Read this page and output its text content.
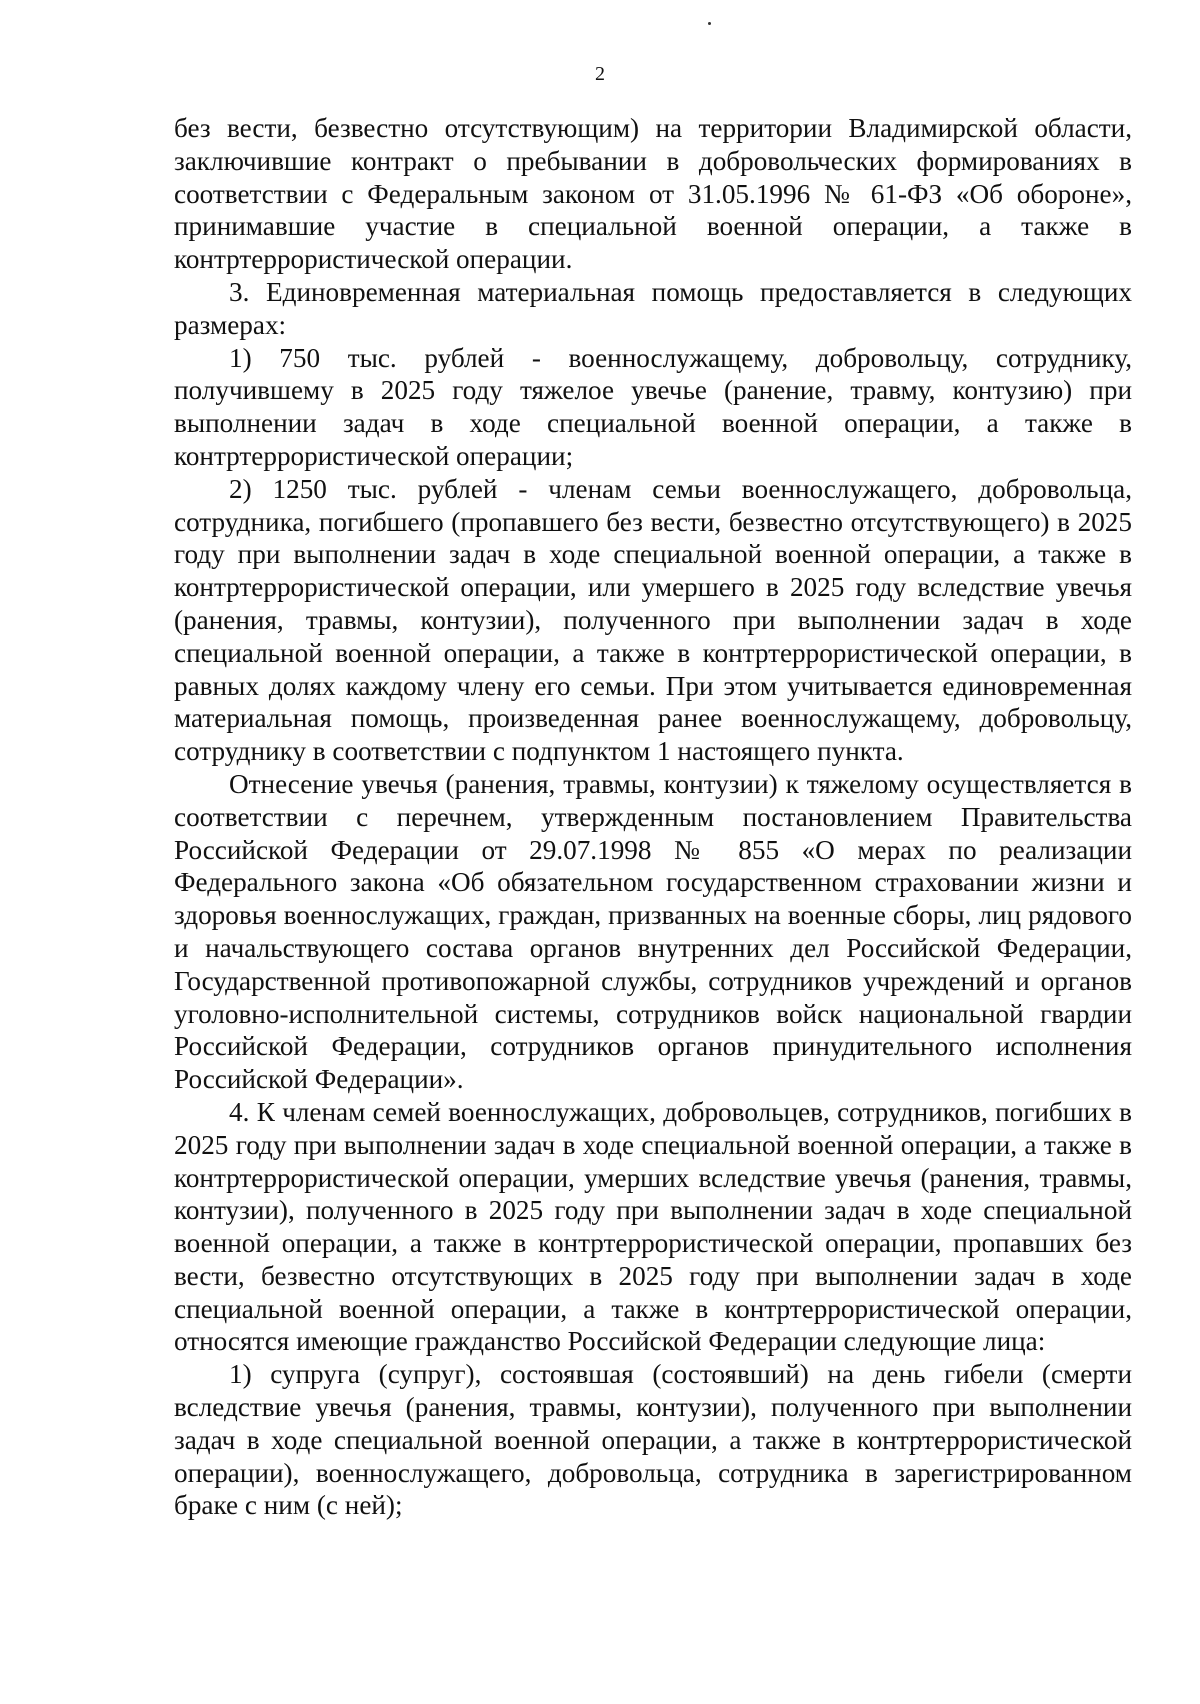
2

без вести, безвестно отсутствующим) на территории Владимирской области, заключившие контракт о пребывании в добровольческих формированиях в соответствии с Федеральным законом от 31.05.1996 № 61-ФЗ «Об обороне», принимавшие участие в специальной военной операции, а также в контртеррористической операции.

3. Единовременная материальная помощь предоставляется в следующих размерах:

1) 750 тыс. рублей - военнослужащему, добровольцу, сотруднику, получившему в 2025 году тяжелое увечье (ранение, травму, контузию) при выполнении задач в ходе специальной военной операции, а также в контртеррористической операции;

2) 1250 тыс. рублей - членам семьи военнослужащего, добровольца, сотрудника, погибшего (пропавшего без вести, безвестно отсутствующего) в 2025 году при выполнении задач в ходе специальной военной операции, а также в контртеррористической операции, или умершего в 2025 году вследствие увечья (ранения, травмы, контузии), полученного при выполнении задач в ходе специальной военной операции, а также в контртеррористической операции, в равных долях каждому члену его семьи. При этом учитывается единовременная материальная помощь, произведенная ранее военнослужащему, добровольцу, сотруднику в соответствии с подпунктом 1 настоящего пункта.

Отнесение увечья (ранения, травмы, контузии) к тяжелому осуществляется в соответствии с перечнем, утвержденным постановлением Правительства Российской Федерации от 29.07.1998 № 855 «О мерах по реализации Федерального закона «Об обязательном государственном страховании жизни и здоровья военнослужащих, граждан, призванных на военные сборы, лиц рядового и начальствующего состава органов внутренних дел Российской Федерации, Государственной противопожарной службы, сотрудников учреждений и органов уголовно-исполнительной системы, сотрудников войск национальной гвардии Российской Федерации, сотрудников органов принудительного исполнения Российской Федерации».

4. К членам семей военнослужащих, добровольцев, сотрудников, погибших в 2025 году при выполнении задач в ходе специальной военной операции, а также в контртеррористической операции, умерших вследствие увечья (ранения, травмы, контузии), полученного в 2025 году при выполнении задач в ходе специальной военной операции, а также в контртеррористической операции, пропавших без вести, безвестно отсутствующих в 2025 году при выполнении задач в ходе специальной военной операции, а также в контртеррористической операции, относятся имеющие гражданство Российской Федерации следующие лица:

1) супруга (супруг), состоявшая (состоявший) на день гибели (смерти вследствие увечья (ранения, травмы, контузии), полученного при выполнении задач в ходе специальной военной операции, а также в контртеррористической операции), военнослужащего, добровольца, сотрудника в зарегистрированном браке с ним (с ней);
